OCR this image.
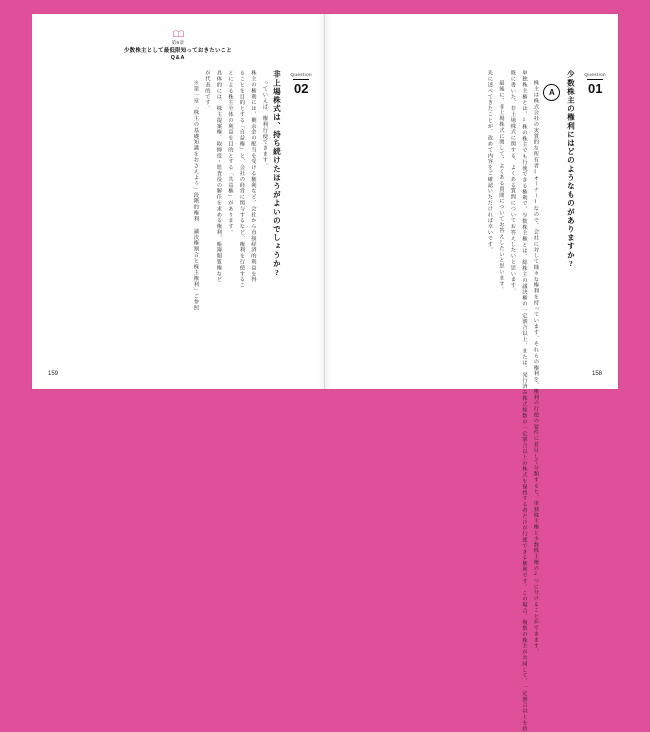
第6章
少数株主として最低限知っておきたいこと
Q&A
Question
02
非上場株式は、持ち続けたほうがよいのでしょうか?
っていえば、権利行使できます。
株主の権利には、剰余金の配当を受ける権利など、会社から直接経済的利益を得
ることを目的とする「自益権」と、会社の経営に関与するなど、権利を行使するこ
とによる株主全体の利益を目的とする「共益権」があります。
具体的には、株主提案権、取締役・監査役の解任を求める権利、帳簿閲覧権など
が代表的です。
※第一章「株主の基礎知識をおさえよう」段階的権利 議決権割合と株主権利」ご参照
159
Question
01
少数株主の権利にはどのようなものがありますか?
A
株主は株式会社の実質的な所有者(オーナー)なので、会社に対して様々な権利を持っています。それらの権利を、権利の行使の要件に着目して分類すると、単独株主権と少数株主権の2つに分けることができます。
単独株主権とは、1株の株主でも行使できる権利で、少数株主権とは、総株主の議決権の一定割合以上、または、発行済み株式総数の一定割合以上の株式を保持する者だけが行使できる権利です。この場合、複数の株主が共同して、一定割合以上を持
既に書いた、非上場株式に関する、よくある質問についてお答えしたいと思います。
最後に、非上場株式に関して、よくある質問についてお答えしたいと思います。
先に述べてきたことが、改めて内容をご確認いただければ幸いです。
158
